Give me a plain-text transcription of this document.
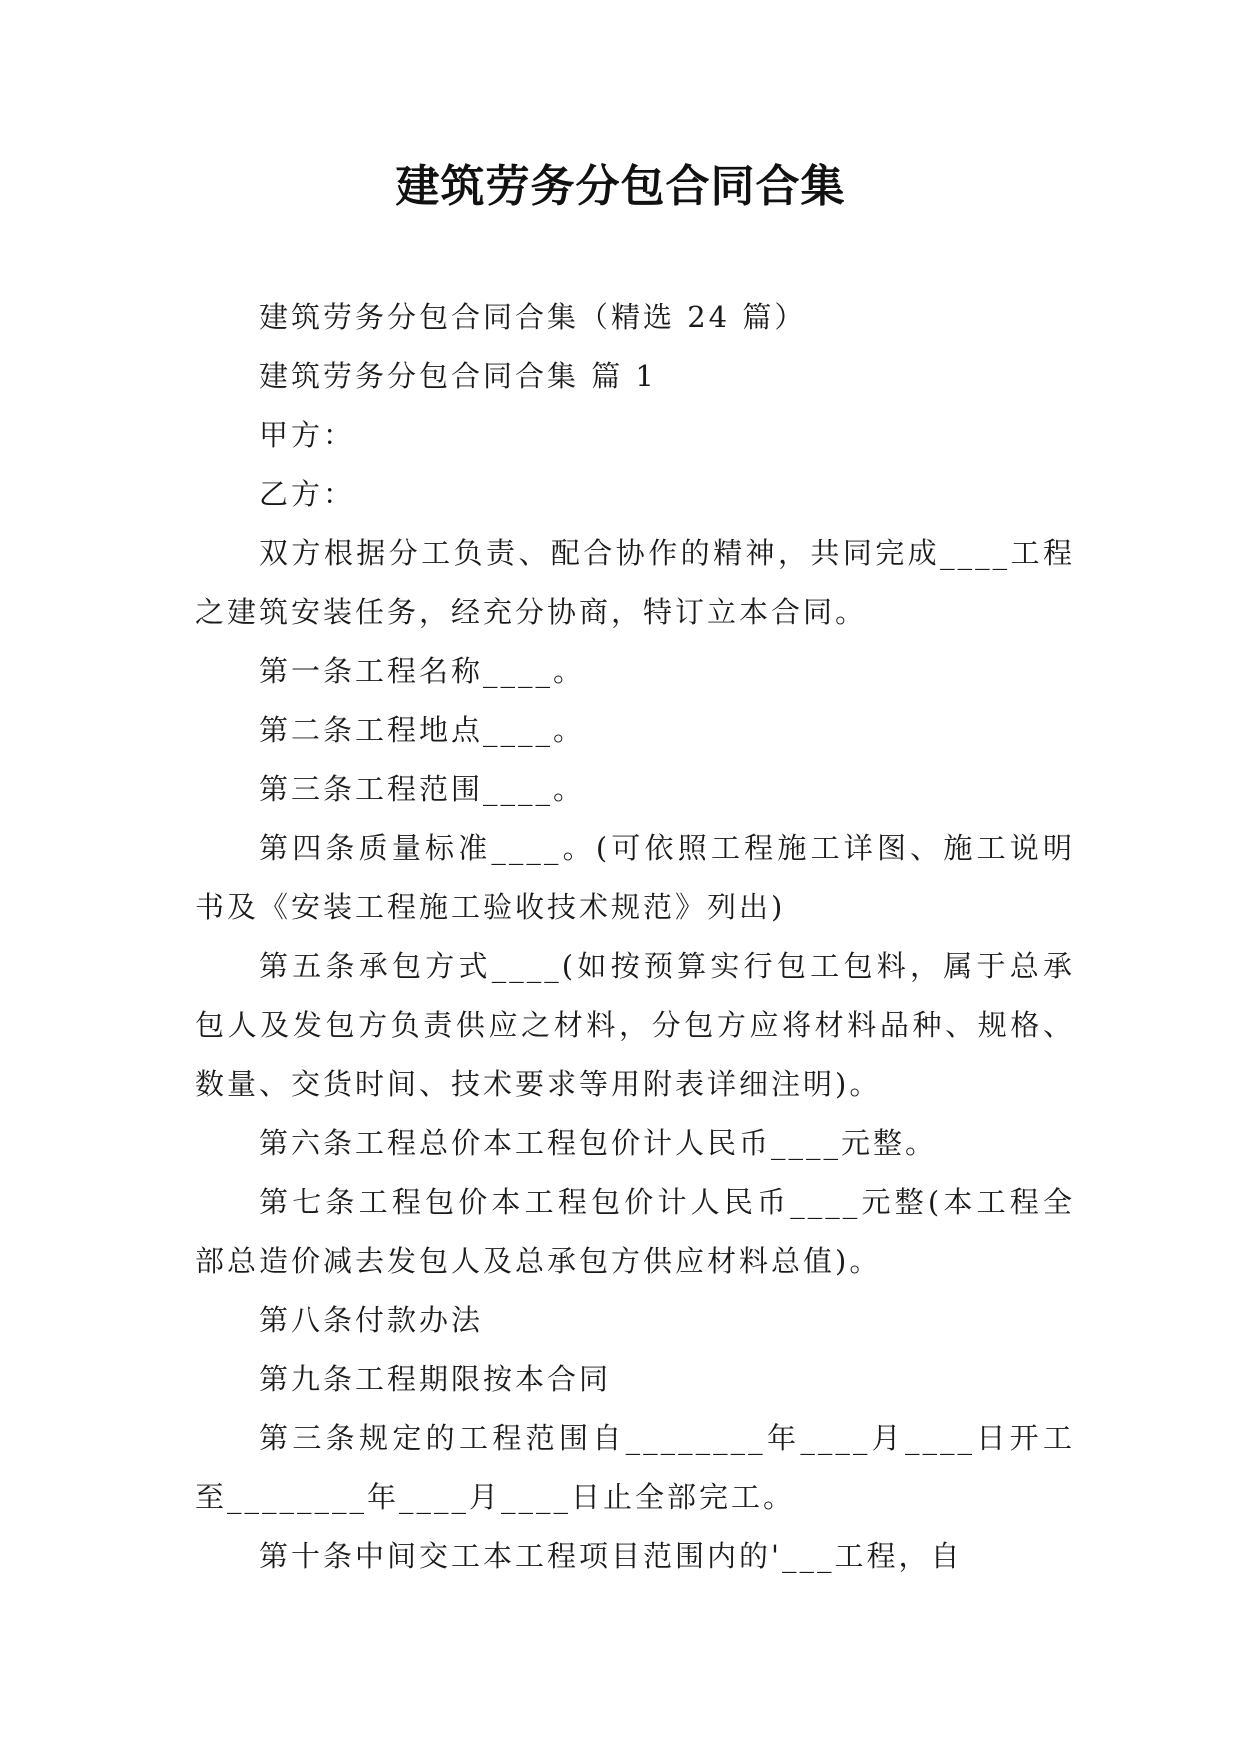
建筑劳务分包合同合集

建筑劳务分包合同合集（精选 24 篇）

建筑劳务分包合同合集 篇 1

甲方：

乙方：

双方根据分工负责、配合协作的精神，共同完成____工程之建筑安装任务，经充分协商，特订立本合同。

第一条工程名称____。

第二条工程地点____。

第三条工程范围____。

第四条质量标准____。(可依照工程施工详图、施工说明书及《安装工程施工验收技术规范》列出)

第五条承包方式____(如按预算实行包工包料，属于总承包人及发包方负责供应之材料，分包方应将材料品种、规格、数量、交货时间、技术要求等用附表详细注明)。

第六条工程总价本工程包价计人民币____元整。

第七条工程包价本工程包价计人民币____元整(本工程全部总造价减去发包人及总承包方供应材料总值)。

第八条付款办法

第九条工程期限按本合同

第三条规定的工程范围自________年____月____日开工至________年____月____日止全部完工。

第十条中间交工本工程项目范围内的'___工程，自
